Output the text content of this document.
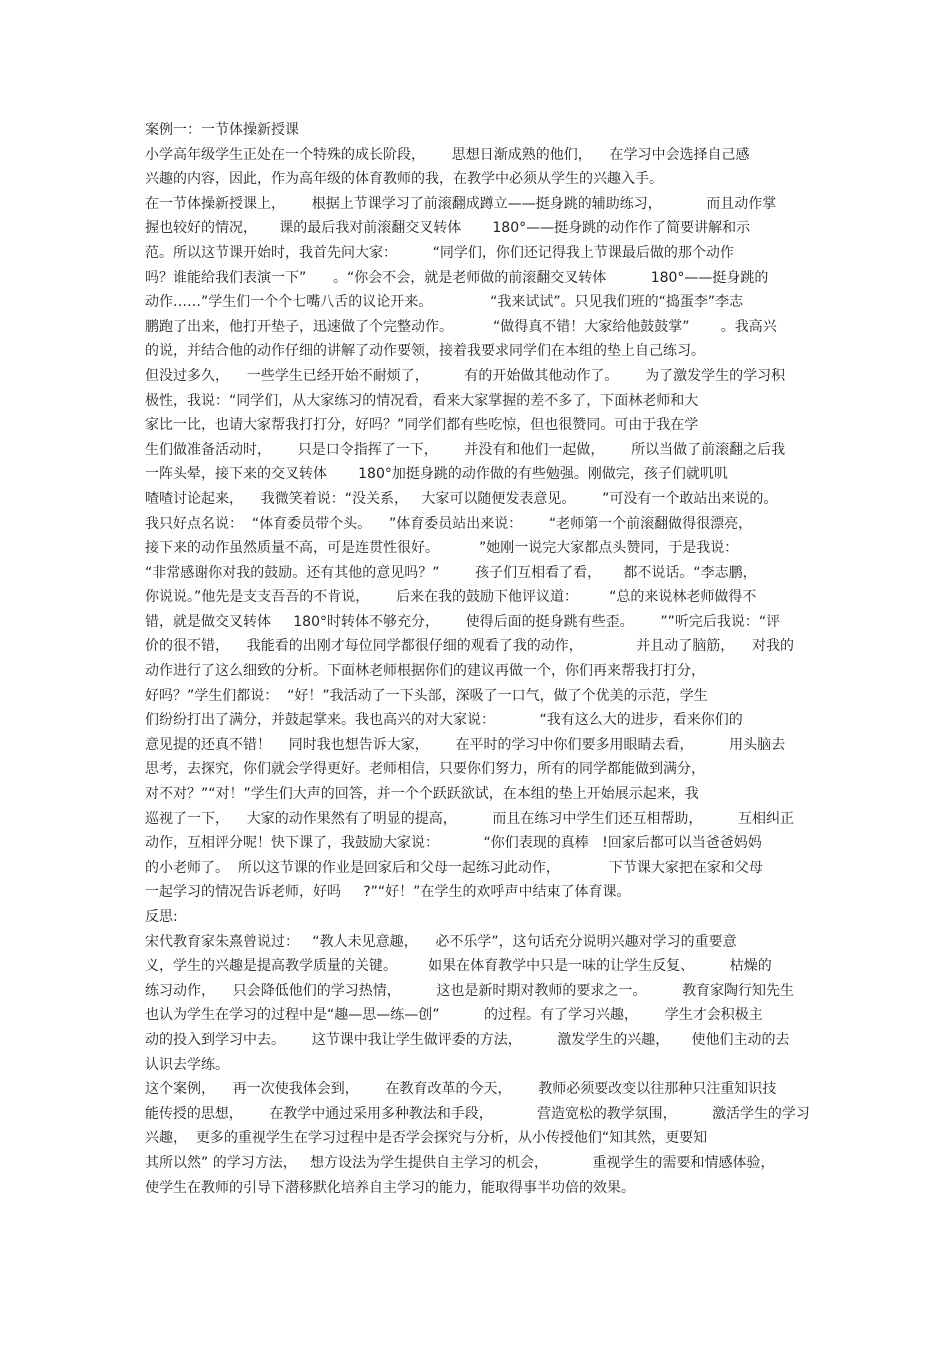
案例一：一节体操新授课
小学高年级学生正处在一个特殊的成长阶段，      思想日渐成熟的他们，    在学习中会选择自己感
兴趣的内容，因此，作为高年级的体育教师的我，在教学中必须从学生的兴趣入手。
在一节体操新授课上，      根据上节课学习了前滚翻成蹲立——挺身跳的辅助练习，          而且动作掌
握也较好的情况，     课的最后我对前滚翻交叉转体       180°——挺身跳的动作作了简要讲解和示
范。所以这节课开始时，我首先问大家：        “同学们，你们还记得我上节课最后做的那个动作
吗？谁能给我们表演一下”      。“你会不会，就是老师做的前滚翻交叉转体          180°——挺身跳的
动作……”学生们一个个七嘴八舌的议论开来。             “我来试试”。只见我们班的“捣蛋李”李志
鹏跑了出来，他打开垫子，迅速做了个完整动作。         “做得真不错！大家给他鼓鼓掌”       。我高兴
的说，并结合他的动作仔细的讲解了动作要领，接着我要求同学们在本组的垫上自己练习。
但没过多久，    一些学生已经开始不耐烦了，        有的开始做其他动作了。      为了激发学生的学习积
极性，我说：“同学们，从大家练习的情况看，看来大家掌握的差不多了，下面林老师和大
家比一比，也请大家帮我打打分，好吗？”同学们都有些吃惊，但也很赞同。可由于我在学
生们做准备活动时，      只是口令指挥了一下，      并没有和他们一起做，      所以当做了前滚翻之后我
一阵头晕，接下来的交叉转体       180°加挺身跳的动作做的有些勉强。刚做完，孩子们就叽叽
喳喳讨论起来，    我微笑着说：“没关系，   大家可以随便发表意见。      ”可没有一个敢站出来说的。
我只好点名说：  “体育委员带个头。    ”体育委员站出来说：      “老师第一个前滚翻做得很漂亮，
接下来的动作虽然质量不高，可是连贯性很好。         ”她刚一说完大家都点头赞同，于是我说：
“非常感谢你对我的鼓励。还有其他的意见吗？”        孩子们互相看了看，     都不说话。“李志鹏，
你说说。”他先是支支吾吾的不肯说，      后来在我的鼓励下他评议道：       “总的来说林老师做得不
错，就是做交叉转体     180°时转体不够充分，      使得后面的挺身跳有些歪。      ””听完后我说：“评
价的很不错，    我能看的出刚才每位同学都很仔细的观看了我的动作，            并且动了脑筋，    对我的
动作进行了这么细致的分析。下面林老师根据你们的建议再做一个，你们再来帮我打打分，
好吗？”学生们都说：  “好！”我活动了一下头部，深吸了一口气，做了个优美的示范，学生
们纷纷打出了满分，并鼓起掌来。我也高兴的对大家说：          “我有这么大的进步，看来你们的
意见提的还真不错！    同时我也想告诉大家，      在平时的学习中你们要多用眼睛去看，        用头脑去
思考，去探究，你们就会学得更好。老师相信，只要你们努力，所有的同学都能做到满分，
对不对？”“对！”学生们大声的回答，并一个个跃跃欲试，在本组的垫上开始展示起来，我
巡视了一下，    大家的动作果然有了明显的提高，        而且在练习中学生们还互相帮助，        互相纠正
动作，互相评分呢！快下课了，我鼓励大家说：          “你们表现的真棒   !回家后都可以当爸爸妈妈
的小老师了。  所以这节课的作业是回家后和父母一起练习此动作，           下节课大家把在家和父母
一起学习的情况告诉老师，好吗     ?”“好！”在学生的欢呼声中结束了体育课。
反思:
宋代教育家朱熹曾说过：   “教人未见意趣，    必不乐学”，这句话充分说明兴趣对学习的重要意
义，学生的兴趣是提高教学质量的关键。       如果在体育教学中只是一味的让学生反复、        枯燥的
练习动作，    只会降低他们的学习热情，        这也是新时期对教师的要求之一。        教育家陶行知先生
也认为学生在学习的过程中是“趣—思—练—创”          的过程。有了学习兴趣，      学生才会积极主
动的投入到学习中去。      这节课中我让学生做评委的方法，        激发学生的兴趣，     使他们主动的去
认识去学练。
这个案例，    再一次使我体会到，      在教育改革的今天，      教师必须要改变以往那种只注重知识技
能传授的思想，      在教学中通过采用多种教法和手段，          营造宽松的教学氛围，        激活学生的学习
兴趣，  更多的重视学生在学习过程中是否学会探究与分析，从小传授他们“知其然，更要知
其所以然” 的学习方法，   想方设法为学生提供自主学习的机会，          重视学生的需要和情感体验，
使学生在教师的引导下潜移默化培养自主学习的能力，能取得事半功倍的效果。
